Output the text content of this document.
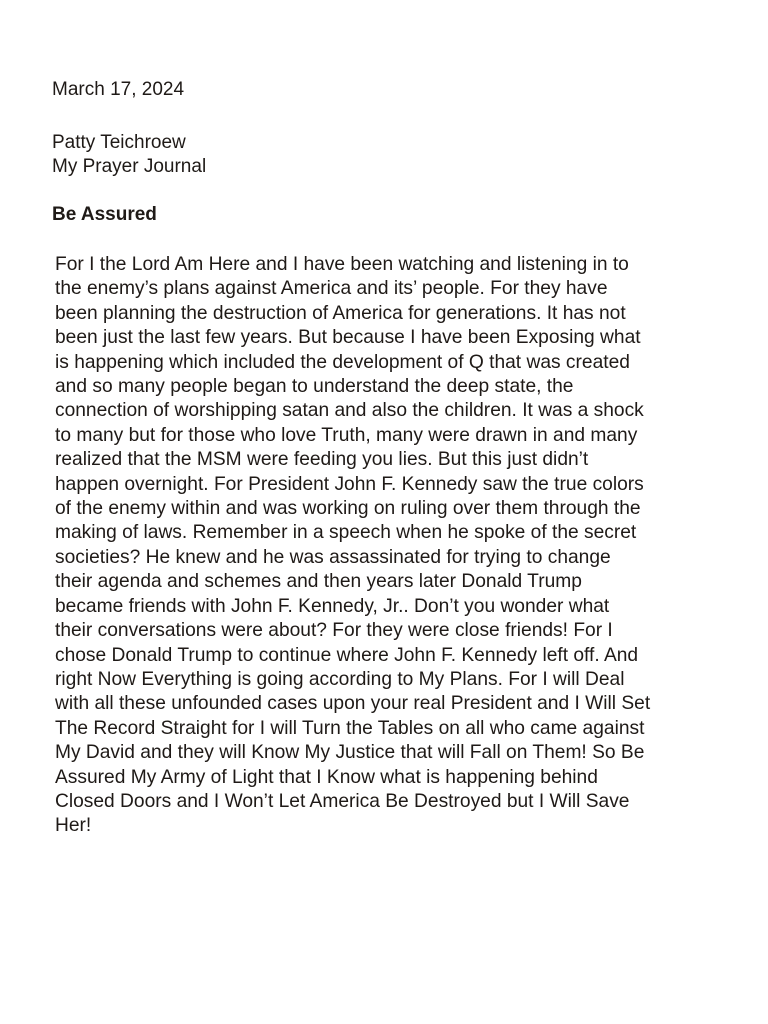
March 17, 2024

Patty Teichroew
My Prayer Journal

Be Assured

For I the Lord Am Here and I have been watching and listening in to
the enemy’s plans against America and its’ people. For they have
been planning the destruction of America for generations. It has not
been just the last few years. But because I have been Exposing what
is happening which included the development of Q that was created
and so many people began to understand the deep state, the
connection of worshipping satan and also the children. It was a shock
to many but for those who love Truth, many were drawn in and many
realized that the MSM were feeding you lies. But this just didn’t
happen overnight. For President John F. Kennedy saw the true colors
of the enemy within and was working on ruling over them through the
making of laws. Remember in a speech when he spoke of the secret
societies? He knew and he was assassinated for trying to change
their agenda and schemes and then years later Donald Trump
became friends with John F. Kennedy, Jr.. Don’t you wonder what
their conversations were about? For they were close friends! For I
chose Donald Trump to continue where John F. Kennedy left off. And
right Now Everything is going according to My Plans. For I will Deal
with all these unfounded cases upon your real President and I Will Set
The Record Straight for I will Turn the Tables on all who came against
My David and they will Know My Justice that will Fall on Them! So Be
Assured My Army of Light that I Know what is happening behind
Closed Doors and I Won’t Let America Be Destroyed but I Will Save
Her!
